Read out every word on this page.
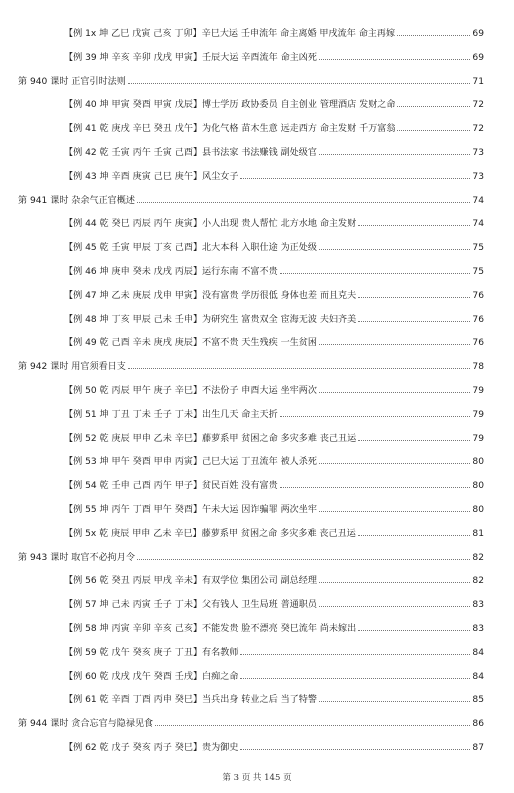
【例 1x 坤 乙巳 戊寅 己亥 丁卯】辛巳大运 壬申流年 命主离婚 甲戌流年 命主再嫁	69
【例 39 坤 辛亥 辛卯 戊戌 甲寅】壬辰大运 辛酉流年 命主凶死	69
第 940 课时 正官引时法则	71
【例 40 坤 甲寅 癸酉 甲寅 戊辰】博士学历 政协委员 自主创业 管理酒店 发财之命	72
【例 41 乾 庚戌 辛巳 癸丑 戊午】为化气格 苗木生意 远走西方 命主发财 千万富翁	72
【例 42 乾 壬寅 丙午 壬寅 己酉】县书法家 书法赚钱 副处级官	73
【例 43 坤 辛酉 庚寅 己巳 庚午】风尘女子	73
第 941 课时 杂余气正官概述	74
【例 44 乾 癸巳 丙辰 丙午 庚寅】小人出现 贵人帮忙 北方水地 命主发财	74
【例 45 乾 壬寅 甲辰 丁亥 己酉】北大本科 入职仕途 为正处级	75
【例 46 坤 庚申 癸未 戊戌 丙辰】运行东南 不富不贵	75
【例 47 坤 乙未 庚辰 戊申 甲寅】没有富贵 学历很低 身体也差 而且克夫	76
【例 48 坤 丁亥 甲辰 己未 壬申】为研究生 富贵双全 宦海无波 夫妇齐美	76
【例 49 乾 己酉 辛未 庚戌 庚辰】不富不贵 天生残疾 一生贫困	76
第 942 课时 用官须看日支	78
【例 50 乾 丙辰 甲午 庚子 辛巳】不法份子 申酉大运 坐牢两次	79
【例 51 坤 丁丑 丁未 壬子 丁未】出生几天 命主天折	79
【例 52 乾 庚辰 甲申 乙未 辛巳】藤萝系甲 贫困之命 多灾多难 丧己丑运	79
【例 53 坤 甲午 癸酉 甲申 丙寅】己巳大运 丁丑流年 被人杀死	80
【例 54 乾 壬申 己酉 丙午 甲子】贫民百姓 没有富贵	80
【例 55 坤 丙午 丁酉 甲午 癸酉】午未大运 因诈骗罪 两次坐牢	80
【例 5x 乾 庚辰 甲申 乙未 辛巳】藤萝系甲 贫困之命 多灾多难 丧己丑运	81
第 943 课时 取官不必拘月令	82
【例 56 乾 癸丑 丙辰 甲戌 辛未】有双学位 集团公司 副总经理	82
【例 57 坤 己未 丙寅 壬子 丁未】父有钱人 卫生局班 普通职员	83
【例 58 坤 丙寅 辛卯 辛亥 己亥】不能发贵 脸不漂亮 癸巳流年 尚未嫁出	83
【例 59 乾 戊午 癸亥 庚子 丁丑】有名教师	84
【例 60 乾 戊戌 戊午 癸酉 壬戌】白痴之命	84
【例 61 乾 辛酉 丁酉 丙申 癸巳】当兵出身 转业之后 当了特警	85
第 944 课时 贪合忘官与隐禄见食	86
【例 62 乾 戊子 癸亥 丙子 癸巳】贵为御史	87
第 3 页 共 145 页
